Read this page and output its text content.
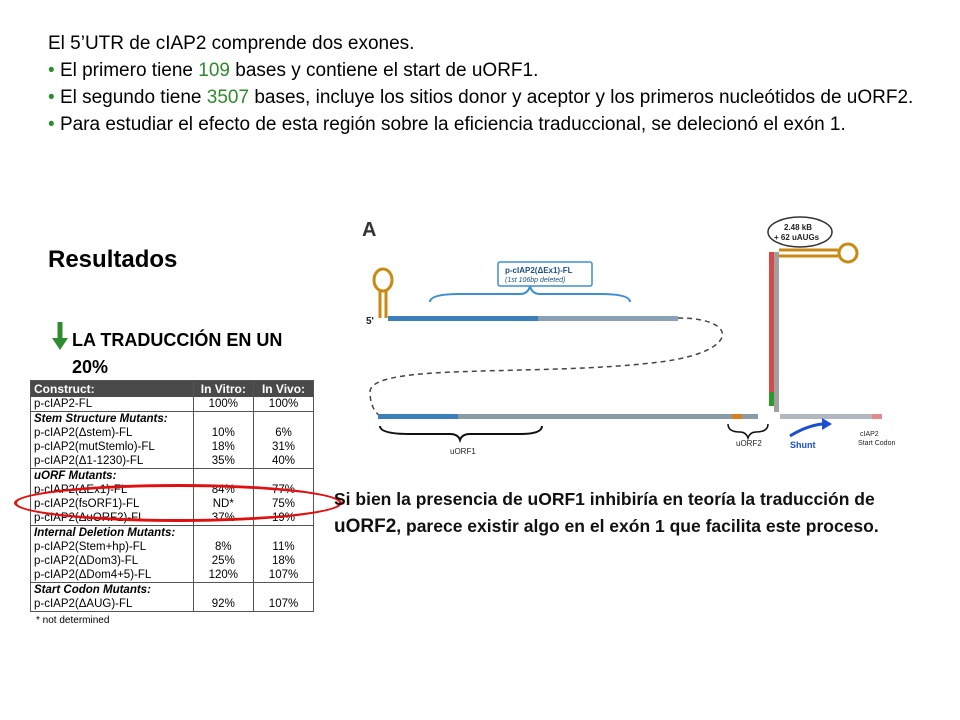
El 5’UTR de cIAP2 comprende dos exones.

• El primero tiene 109 bases y contiene el start de uORF1.

• El segundo tiene 3507 bases, incluye los sitios donor y aceptor y los primeros nucleótidos de uORF2.

• Para estudiar el efecto de esta región sobre la eficiencia traduccional, se delecionó el exón 1.

Resultados
LA TRADUCCIÓN EN UN
20%
A
5'
p-cIAP2(ΔEx1)-FL
(1st 106bp deleted)
2.48 kB
+ 62 uAUGs
uORF1
uORF2	Shunt
cIAP2
Start Codon
Construct:	In Vitro:	In Vivo:
p-cIAP2-FL	100%	100%
Stem Structure Mutants:		
p-cIAP2(Δstem)-FL	10%	6%
p-cIAP2(mutStemlo)-FL	18%	31%
p-cIAP2(Δ1-1230)-FL	35%	40%
uORF Mutants:		
p-cIAP2(ΔEx1)-FL	84%	77%
p-cIAP2(fsORF1)-FL	ND*	75%
p-cIAP2(ΔuORF2)-FL	37%	19%
Internal Deletion Mutants:		
p-cIAP2(Stem+hp)-FL	8%	11%
p-cIAP2(ΔDom3)-FL	25%	18%
p-cIAP2(ΔDom4+5)-FL	120%	107%
Start Codon Mutants:		
p-cIAP2(ΔAUG)-FL	92%	107%
* not determined
Si bien la presencia de uORF1 inhibiría en teoría la traducción de uORF2, parece existir algo en el exón 1 que facilita este proceso.
